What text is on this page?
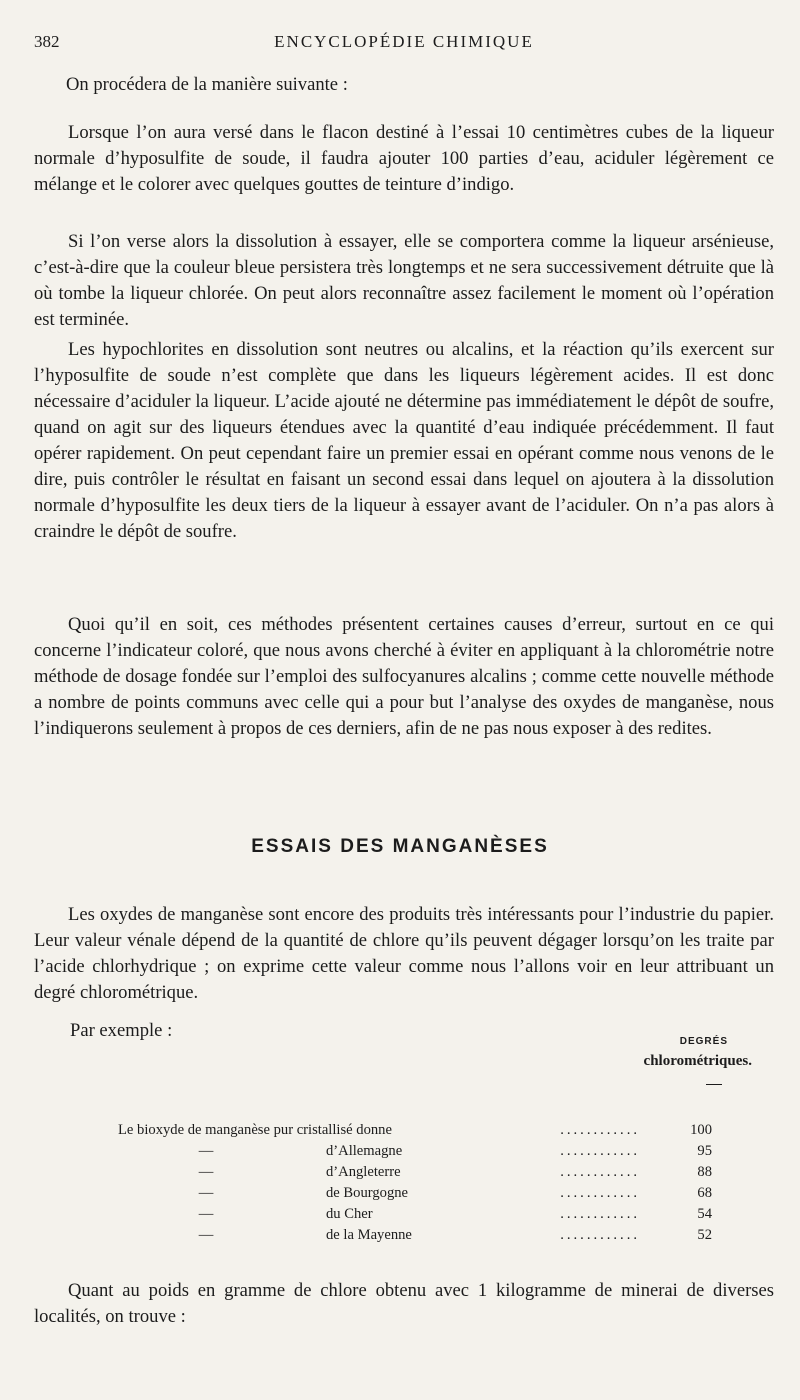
382	ENCYCLOPÉDIE CHIMIQUE

On procédera de la manière suivante :

Lorsque l’on aura versé dans le flacon destiné à l’essai 10 centimètres cubes de la liqueur normale d’hyposulfite de soude, il faudra ajouter 100 parties d’eau, aciduler légèrement ce mélange et le colorer avec quelques gouttes de teinture d’indigo.

Si l’on verse alors la dissolution à essayer, elle se comportera comme la liqueur arsénieuse, c’est-à-dire que la couleur bleue persistera très longtemps et ne sera successivement détruite que là où tombe la liqueur chlorée. On peut alors reconnaître assez facilement le moment où l’opération est terminée.

Les hypochlorites en dissolution sont neutres ou alcalins, et la réaction qu’ils exercent sur l’hyposulfite de soude n’est complète que dans les liqueurs légèrement acides. Il est donc nécessaire d’aciduler la liqueur. L’acide ajouté ne détermine pas immédiatement le dépôt de soufre, quand on agit sur des liqueurs étendues avec la quantité d’eau indiquée précédemment. Il faut opérer rapidement. On peut cependant faire un premier essai en opérant comme nous venons de le dire, puis contrôler le résultat en faisant un second essai dans lequel on ajoutera à la dissolution normale d’hyposulfite les deux tiers de la liqueur à essayer avant de l’aciduler. On n’a pas alors à craindre le dépôt de soufre.

Quoi qu’il en soit, ces méthodes présentent certaines causes d’erreur, surtout en ce qui concerne l’indicateur coloré, que nous avons cherché à éviter en appliquant à la chlorométrie notre méthode de dosage fondée sur l’emploi des sulfocyanures alcalins ; comme cette nouvelle méthode a nombre de points communs avec celle qui a pour but l’analyse des oxydes de manganèse, nous l’indiquerons seulement à propos de ces derniers, afin de ne pas nous exposer à des redites.

ESSAIS DES MANGANÈSES

Les oxydes de manganèse sont encore des produits très intéressants pour l’industrie du papier. Leur valeur vénale dépend de la quantité de chlore qu’ils peuvent dégager lorsqu’on les traite par l’acide chlorhydrique ; on exprime cette valeur comme nous l’allons voir en leur attribuant un degré chlorométrique.

Par exemple :

DEGRÉS
chlorométriques.
Le bioxyde de manganèse pur cristallisé donne	............	100
—	d’Allemagne	............	95
—	d’Angleterre	............	88
—	de Bourgogne	............	68
—	du Cher	............	54
—	de la Mayenne	............	52

Quant au poids en gramme de chlore obtenu avec 1 kilogramme de minerai de diverses localités, on trouve :
